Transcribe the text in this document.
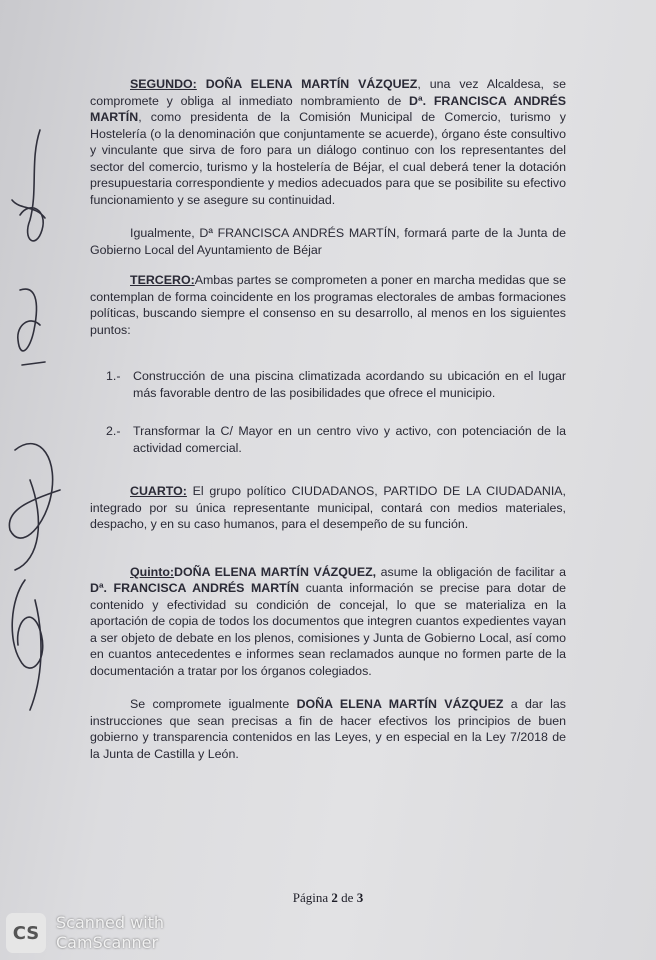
SEGUNDO: DOÑA ELENA MARTÍN VÁZQUEZ, una vez Alcaldesa, se compromete y obliga al inmediato nombramiento de Dª. FRANCISCA ANDRÉS MARTÍN, como presidenta de la Comisión Municipal de Comercio, turismo y Hostelería (o la denominación que conjuntamente se acuerde), órgano éste consultivo y vinculante que sirva de foro para un diálogo continuo con los representantes del sector del comercio, turismo y la hostelería de Béjar, el cual deberá tener la dotación presupuestaria correspondiente y medios adecuados para que se posibilite su efectivo funcionamiento y se asegure su continuidad.

Igualmente, Dª FRANCISCA ANDRÉS MARTÍN, formará parte de la Junta de Gobierno Local del Ayuntamiento de Béjar

TERCERO:Ambas partes se comprometen a poner en marcha medidas que se contemplan de forma coincidente en los programas electorales de ambas formaciones políticas, buscando siempre el consenso en su desarrollo, al menos en los siguientes puntos:

1.-	Construcción de una piscina climatizada acordando su ubicación en el lugar más favorable dentro de las posibilidades que ofrece el municipio.
2.-	Transformar la C/ Mayor en un centro vivo y activo, con potenciación de la actividad comercial.

CUARTO: El grupo político CIUDADANOS, PARTIDO DE LA CIUDADANIA, integrado por su única representante municipal, contará con medios materiales, despacho, y en su caso humanos, para el desempeño de su función.

Quinto:DOÑA ELENA MARTÍN VÁZQUEZ, asume la obligación de facilitar a Dª. FRANCISCA ANDRÉS MARTÍN cuanta información se precise para dotar de contenido y efectividad su condición de concejal, lo que se materializa en la aportación de copia de todos los documentos que integren cuantos expedientes vayan a ser objeto de debate en los plenos, comisiones y Junta de Gobierno Local, así como en cuantos antecedentes e informes sean reclamados aunque no formen parte de la documentación a tratar por los órganos colegiados.

Se compromete igualmente DOÑA ELENA MARTÍN VÁZQUEZ a dar las instrucciones que sean precisas a fin de hacer efectivos los principios de buen gobierno y transparencia contenidos en las Leyes, y en especial en la Ley 7/2018 de la Junta de Castilla y León.

Página 2 de 3
CS Scanned with
CamScanner
